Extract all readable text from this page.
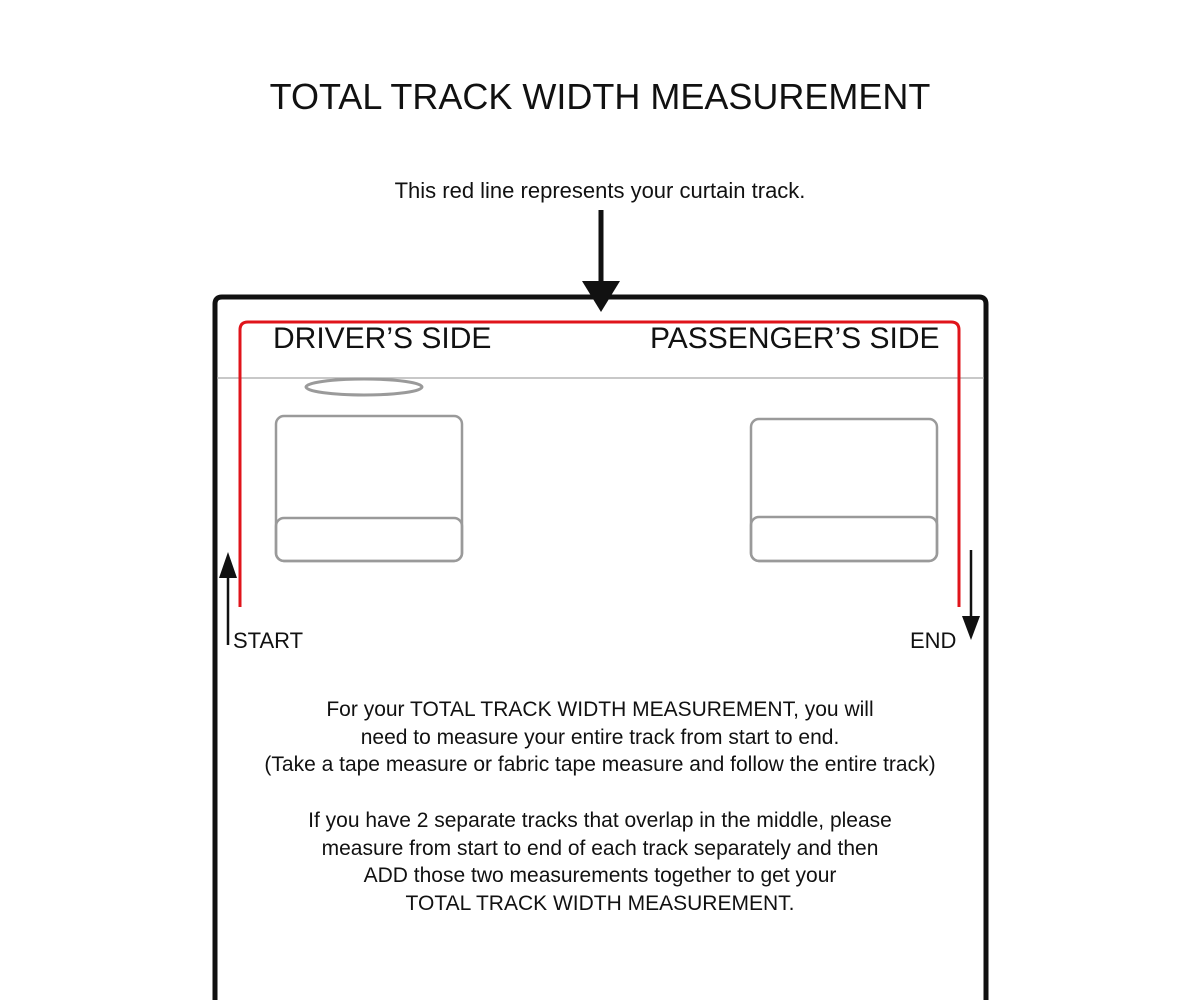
TOTAL TRACK WIDTH MEASUREMENT
This red line represents your curtain track.
DRIVER’S SIDE	PASSENGER’S SIDE
START	END

For your TOTAL TRACK WIDTH MEASUREMENT, you will

need to measure your entire track from start to end.

(Take a tape measure or fabric tape measure and follow the entire track)

If you have 2 separate tracks that overlap in the middle, please

measure from start to end of each track separately and then

ADD those two measurements together to get your

TOTAL TRACK WIDTH MEASUREMENT.
